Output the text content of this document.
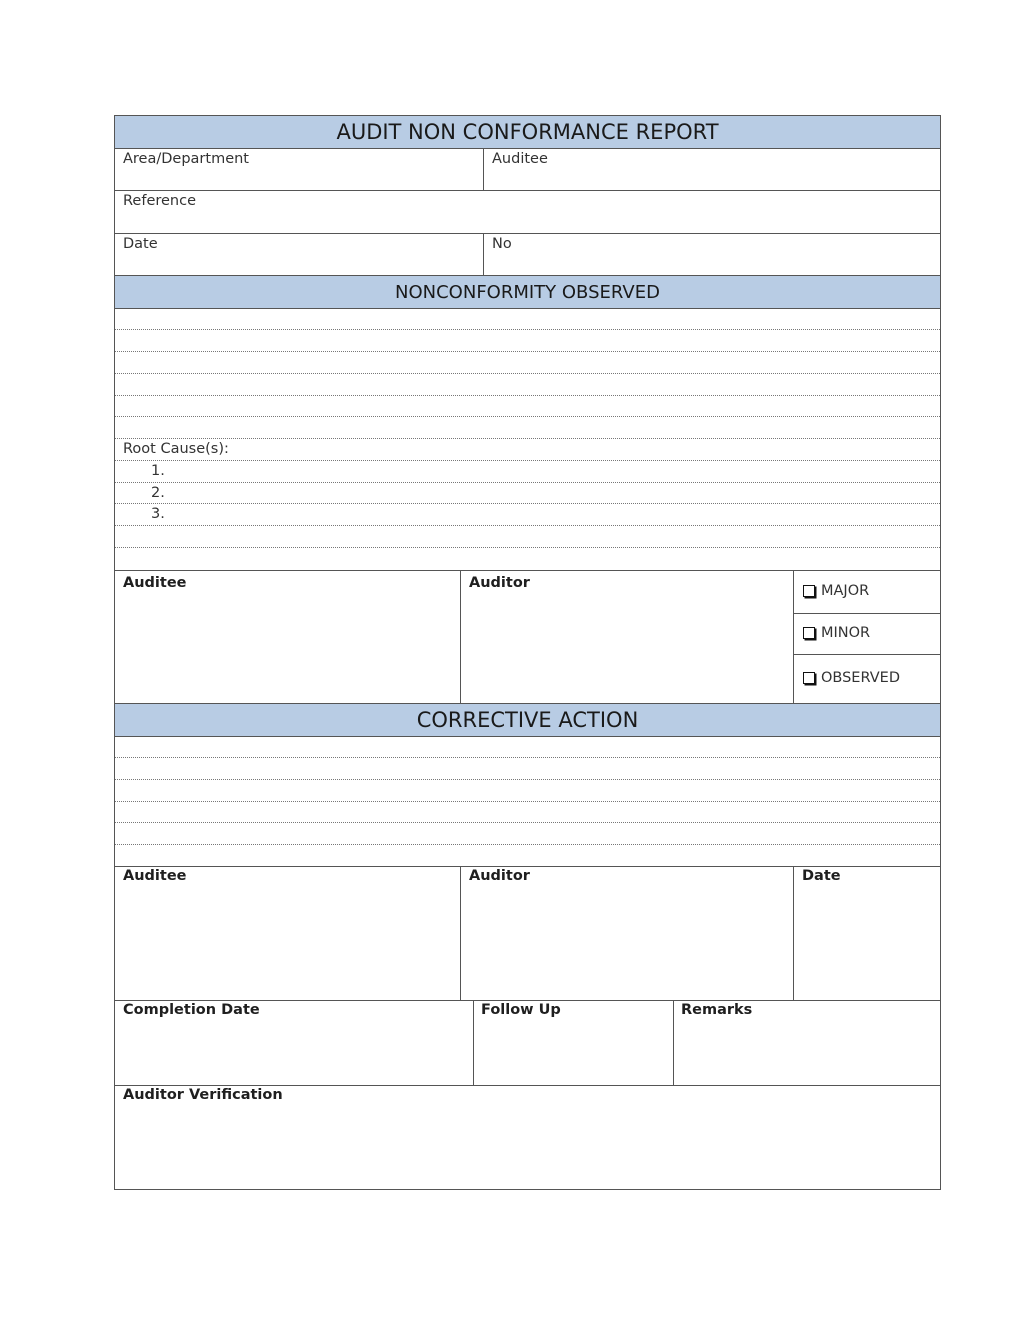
AUDIT NON CONFORMANCE REPORT
Area/Department	Auditee
Reference
Date	No
NONCONFORMITY OBSERVED
Root Cause(s):
1.
2.
3.
Auditee	Auditor	MAJOR
MINOR
OBSERVED
CORRECTIVE ACTION
Auditee	Auditor	Date
Completion Date	Follow Up	Remarks
Auditor Verification
